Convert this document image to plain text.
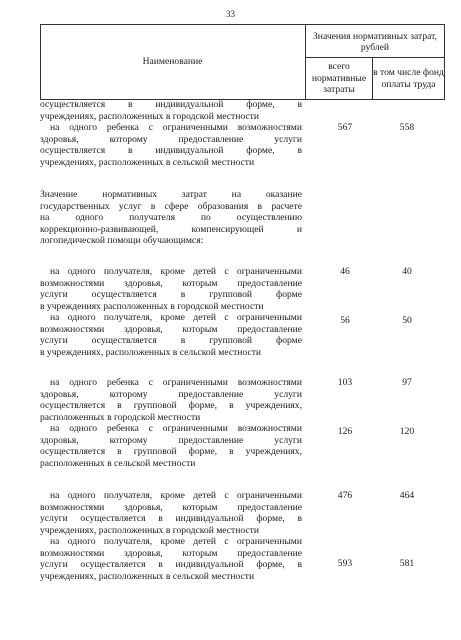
33
Наименование
Значения нормативных затрат, рублей
всего нормативные затраты
в том числе фонд оплаты труда
осуществляется в индивидуальной форме, в
учреждениях, расположенных в городской местности
на одного ребенка с ограниченными возможностями
здоровья, которому предоставление услуги
осуществляется в индивидуальной форме, в
учреждениях, расположенных в сельской местности
567	558
Значение нормативных затрат на оказание
государственных услуг в сфере образования в расчете
на одного получателя по осуществлению
коррекционно-развивающей, компенсирующей и
логопедической помощи обучающимся:
на одного получателя, кроме детей с ограниченными
возможностями здоровья, которым предоставление
услуги осуществляется в групповой форме
в учреждениях расположенных в городской местности
46	40
на одного получателя, кроме детей с ограниченными
возможностями здоровья, которым предоставление
услуги осуществляется в групповой форме
в учреждениях, расположенных в сельской местности
56	50
на одного ребенка с ограниченными возможностями
здоровья, которому предоставление услуги
осуществляется в групповой форме, в учреждениях,
расположенных в городской местности
103	97
на одного ребенка с ограниченными возможностями
здоровья, которому предоставление услуги
осуществляется в групповой форме, в учреждениях,
расположенных в сельской местности
126	120
на одного получателя, кроме детей с ограниченными
возможностями здоровья, которым предоставление
услуги осуществляется в индивидуальной форме, в
учреждениях, расположенных в городской местности
476	464
на одного получателя, кроме детей с ограниченными
возможностями здоровья, которым предоставление
услуги осуществляется в индивидуальной форме, в
учреждениях, расположенных в сельской местности
593	581
